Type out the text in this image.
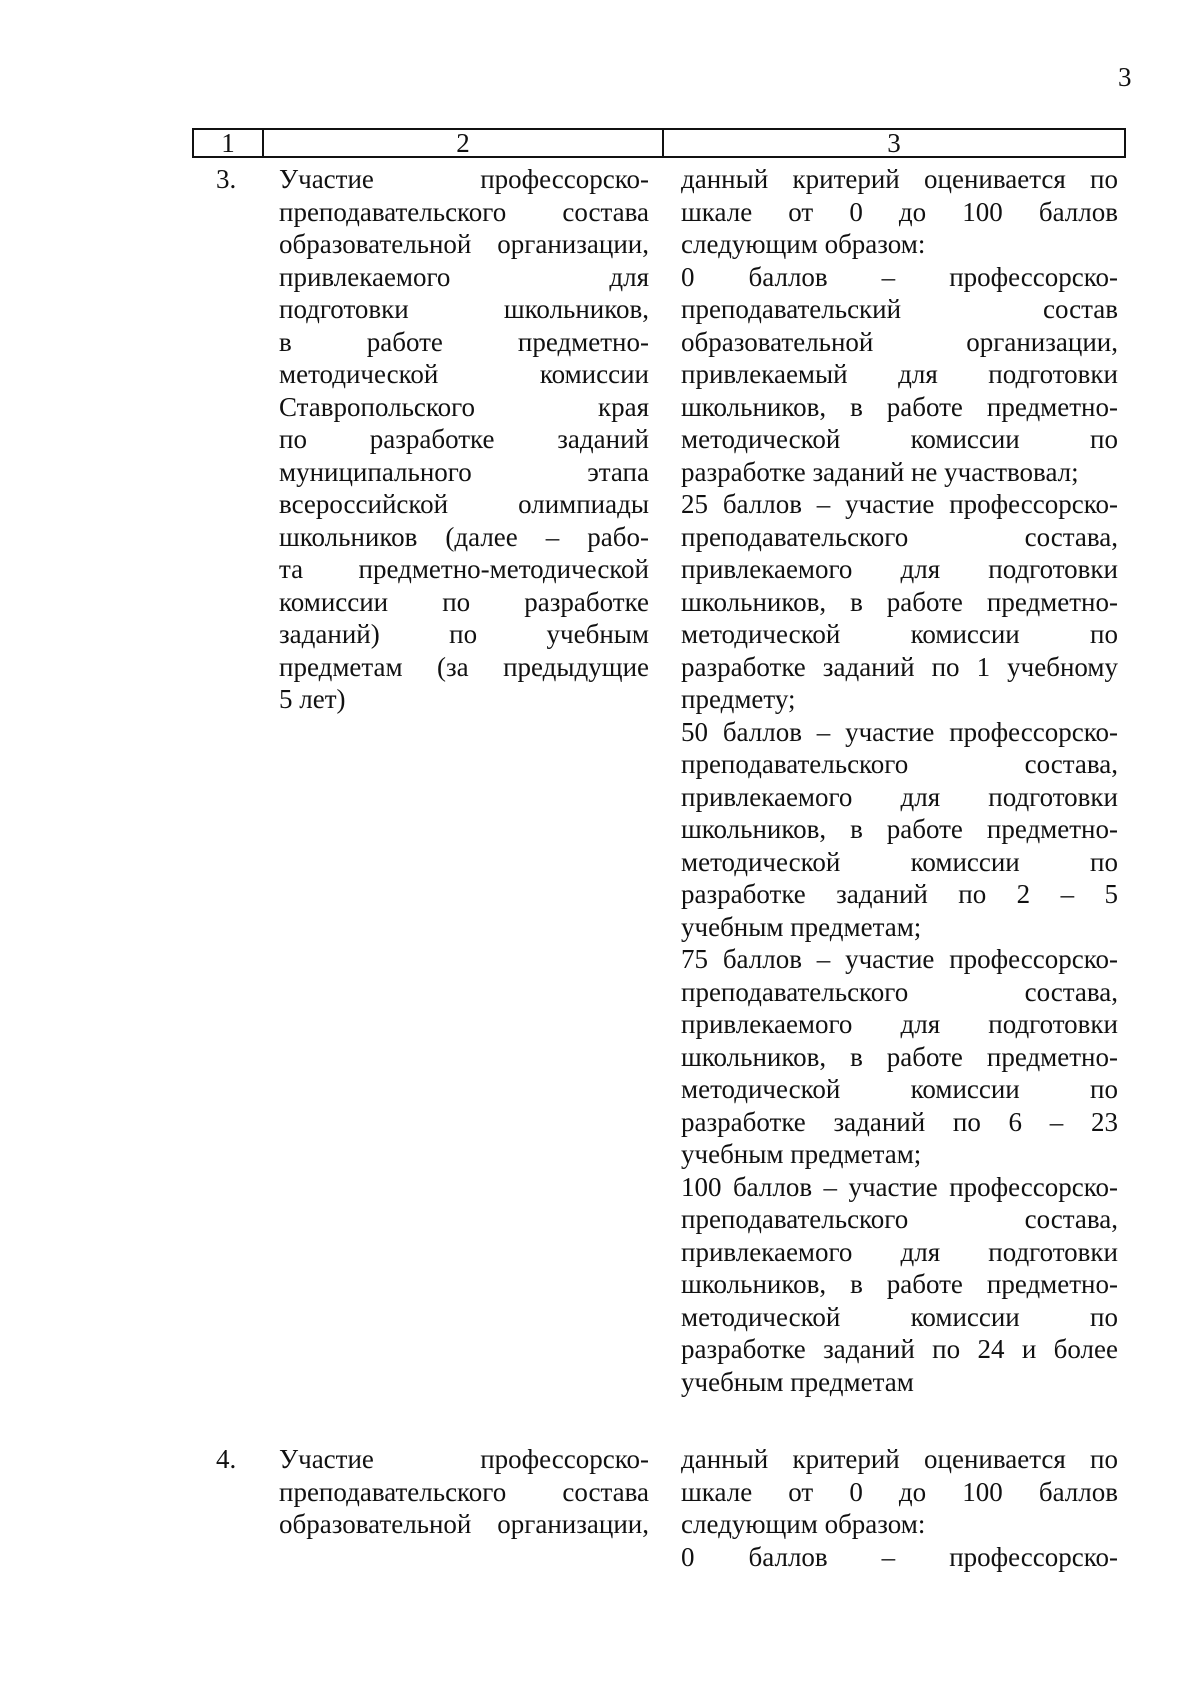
3
1	2	3
3. Участие профессорско-
преподавательского состава
образовательной организации,
привлекаемого для
подготовки школьников,
в работе предметно-
методической комиссии
Ставропольского края
по разработке заданий
муниципального этапа
всероссийской олимпиады
школьников (далее – рабо-
та предметно-методической
комиссии по разработке
заданий) по учебным
предметам (за предыдущие
5 лет)
данный критерий оценивается по
шкале от 0 до 100 баллов
следующим образом:
0 баллов – профессорско-
преподавательский состав
образовательной организации,
привлекаемый для подготовки
школьников, в работе предметно-
методической комиссии по
разработке заданий не участвовал;
25 баллов – участие профессорско-
преподавательского состава,
привлекаемого для подготовки
школьников, в работе предметно-
методической комиссии по
разработке заданий по 1 учебному
предмету;
50 баллов – участие профессорско-
преподавательского состава,
привлекаемого для подготовки
школьников, в работе предметно-
методической комиссии по
разработке заданий по 2 – 5
учебным предметам;
75 баллов – участие профессорско-
преподавательского состава,
привлекаемого для подготовки
школьников, в работе предметно-
методической комиссии по
разработке заданий по 6 – 23
учебным предметам;
100 баллов – участие профессорско-
преподавательского состава,
привлекаемого для подготовки
школьников, в работе предметно-
методической комиссии по
разработке заданий по 24 и более
учебным предметам
4. Участие профессорско-
преподавательского состава
образовательной организации,
данный критерий оценивается по
шкале от 0 до 100 баллов
следующим образом:
0 баллов – профессорско-
